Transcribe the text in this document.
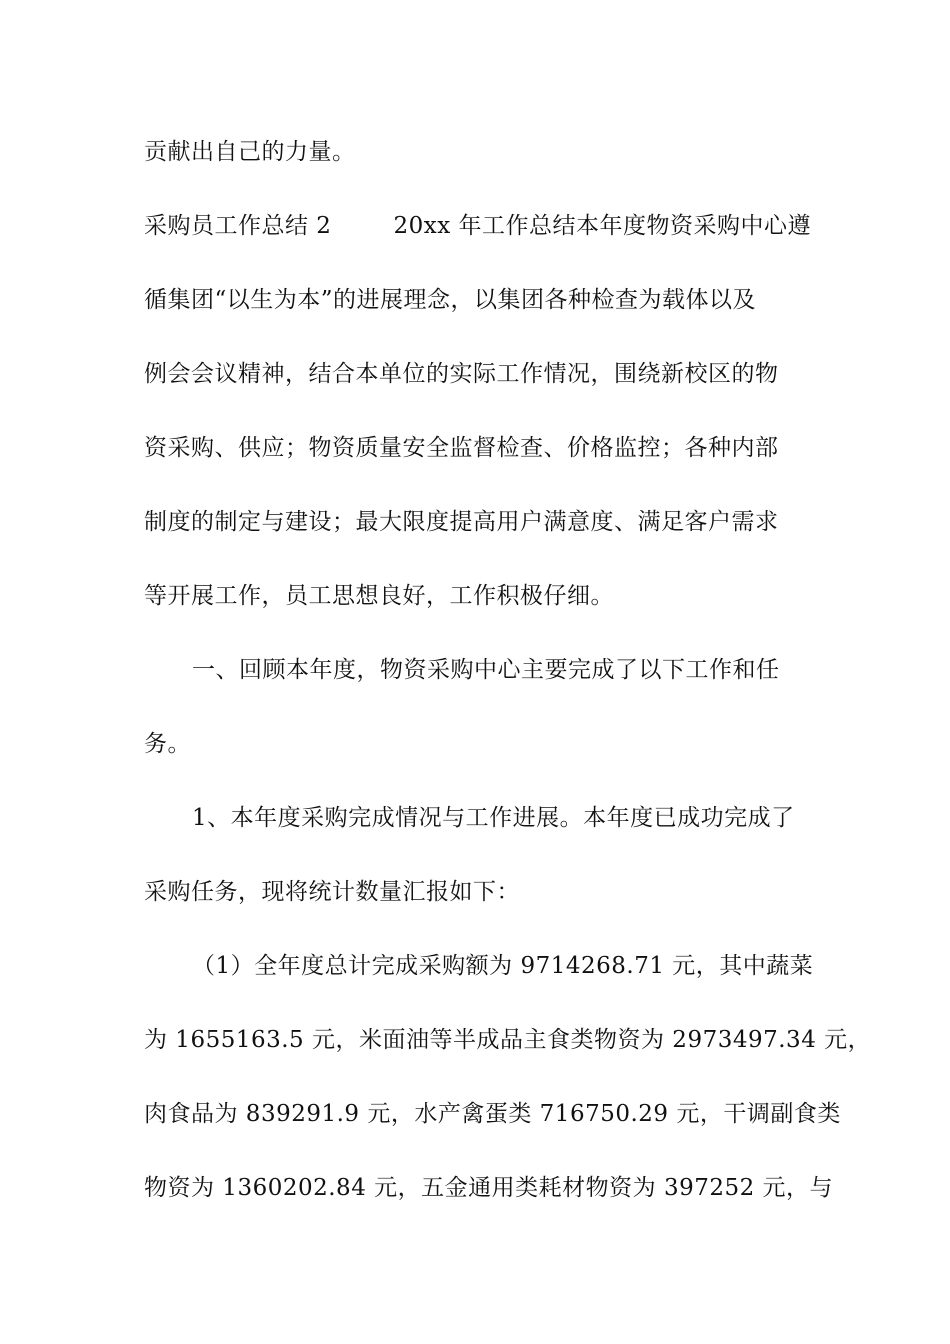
贡献出自己的力量。
采购员工作总结 2	20xx 年工作总结本年度物资采购中心遵
循集团“以生为本”的进展理念，以集团各种检查为载体以及
例会会议精神，结合本单位的实际工作情况，围绕新校区的物
资采购、供应；物资质量安全监督检查、价格监控；各种内部
制度的制定与建设；最大限度提高用户满意度、满足客户需求
等开展工作，员工思想良好，工作积极仔细。
一、回顾本年度，物资采购中心主要完成了以下工作和任
务。
1、本年度采购完成情况与工作进展。本年度已成功完成了
采购任务，现将统计数量汇报如下：
（1）全年度总计完成采购额为 9714268.71 元，其中蔬菜
为 1655163.5 元，米面油等半成品主食类物资为 2973497.34 元，
肉食品为 839291.9 元，水产禽蛋类 716750.29 元，干调副食类
物资为 1360202.84 元，五金通用类耗材物资为 397252 元，与
